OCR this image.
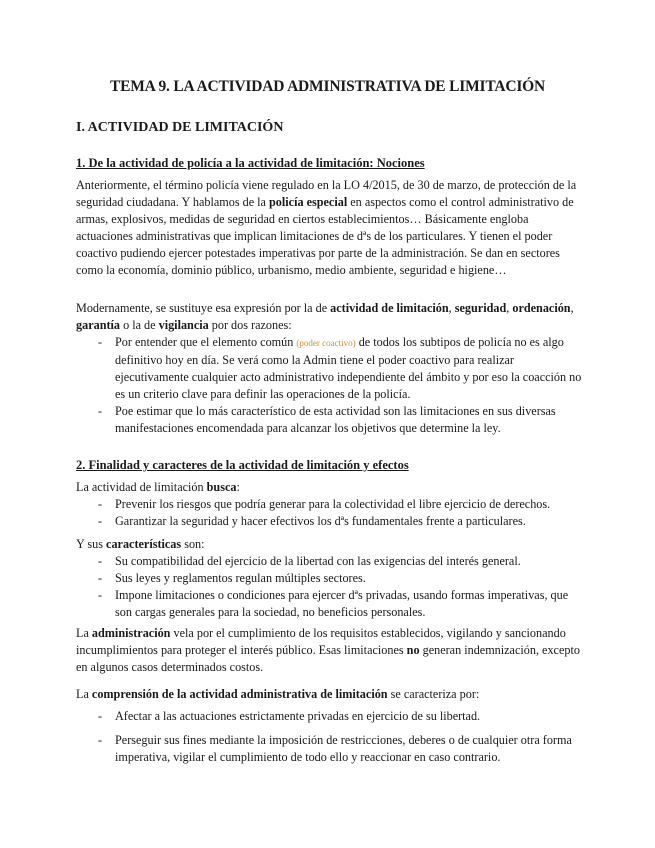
TEMA 9. LA ACTIVIDAD ADMINISTRATIVA DE LIMITACIÓN
I. ACTIVIDAD DE LIMITACIÓN
1. De la actividad de policía a la actividad de limitación: Nociones

Anteriormente, el término policía viene regulado en la LO 4/2015, de 30 de marzo, de protección de la seguridad ciudadana. Y hablamos de la policía especial en aspectos como el control administrativo de armas, explosivos, medidas de seguridad en ciertos establecimientos… Básicamente engloba actuaciones administrativas que implican limitaciones de dªs de los particulares. Y tienen el poder coactivo pudiendo ejercer potestades imperativas por parte de la administración. Se dan en sectores como la economía, dominio público, urbanismo, medio ambiente, seguridad e higiene…

Modernamente, se sustituye esa expresión por la de actividad de limitación, seguridad, ordenación, garantía o la de vigilancia por dos razones:

- Por entender que el elemento común (poder coactivo) de todos los subtipos de policía no es algo definitivo hoy en día. Se verá como la Admin tiene el poder coactivo para realizar ejecutivamente cualquier acto administrativo independiente del ámbito y por eso la coacción no es un criterio clave para definir las operaciones de la policía.
- Poe estimar que lo más característico de esta actividad son las limitaciones en sus diversas manifestaciones encomendada para alcanzar los objetivos que determine la ley.
2. Finalidad y caracteres de la actividad de limitación y efectos

La actividad de limitación busca:

- Prevenir los riesgos que podría generar para la colectividad el libre ejercicio de derechos.
- Garantizar la seguridad y hacer efectivos los dªs fundamentales frente a particulares.

Y sus características son:

- Su compatibilidad del ejercicio de la libertad con las exigencias del interés general.
- Sus leyes y reglamentos regulan múltiples sectores.
- Impone limitaciones o condiciones para ejercer dªs privadas, usando formas imperativas, que son cargas generales para la sociedad, no beneficios personales.

La administración vela por el cumplimiento de los requisitos establecidos, vigilando y sancionando incumplimientos para proteger el interés público. Esas limitaciones no generan indemnización, excepto en algunos casos determinados costos.

La comprensión de la actividad administrativa de limitación se caracteriza por:

- Afectar a las actuaciones estrictamente privadas en ejercicio de su libertad.
- Perseguir sus fines mediante la imposición de restricciones, deberes o de cualquier otra forma imperativa, vigilar el cumplimiento de todo ello y reaccionar en caso contrario.
